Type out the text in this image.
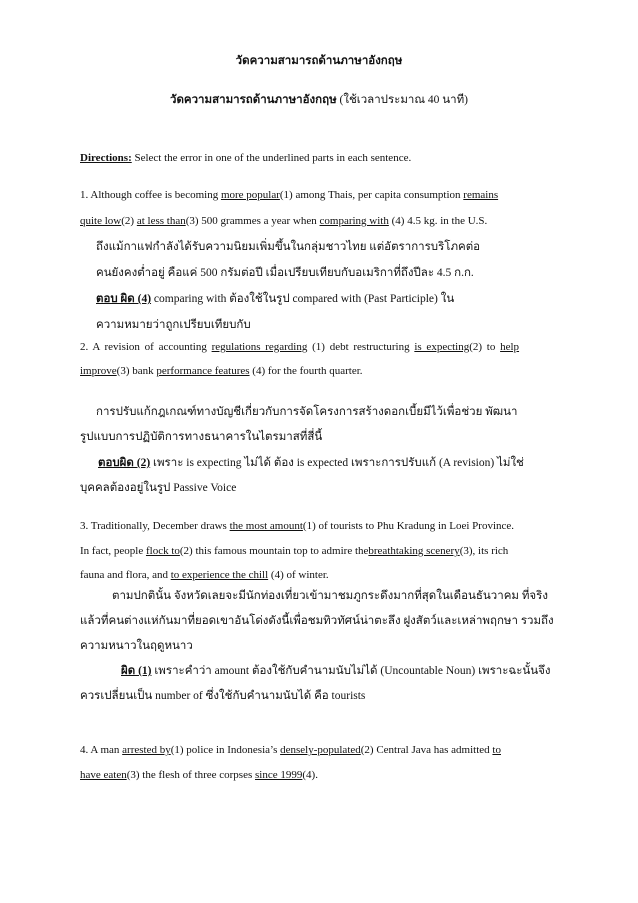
วัดความสามารถด้านภาษาอังกฤษ
วัดความสามารถด้านภาษาอังกฤษ (ใช้เวลาประมาณ 40 นาที)
Directions: Select the error in one of the underlined parts in each sentence.
1. Although coffee is becoming more popular(1) among Thais, per capita consumption remains
quite low(2) at less than(3) 500 grammes a year when comparing with (4) 4.5 kg. in the U.S.
ถึงแม้กาแฟกำลังได้รับความนิยมเพิ่มขึ้นในกลุ่มชาวไทย แต่อัตราการบริโภคต่อ
คนยังคงต่ำอยู่ คือแค่ 500 กรัมต่อปี เมื่อเปรียบเทียบกับอเมริกาที่ถึงปีละ 4.5 ก.ก.
ตอบ ผิด (4) comparing with ต้องใช้ในรูป compared with (Past Participle) ใน
ความหมายว่าถูกเปรียบเทียบกับ
2. A revision of accounting regulations regarding (1) debt restructuring is expecting(2) to help
improve(3) bank performance features (4) for the fourth quarter.
การปรับแก้กฎเกณฑ์ทางบัญชีเกี่ยวกับการจัดโครงการสร้างดอกเบี้ยมีไว้เพื่อช่วย พัฒนา
รูปแบบการปฏิบัติการทางธนาคารในไตรมาสที่สี่นี้
ตอบผิด (2) เพราะ is expecting ไม่ได้ ต้อง is expected เพราะการปรับแก้ (A revision) ไม่ใช่
บุคคลต้องอยู่ในรูป Passive Voice
3. Traditionally, December draws the most amount(1) of tourists to Phu Kradung in Loei Province.
In fact, people flock to(2) this famous mountain top to admire thebreathtaking scenery(3), its rich
fauna and flora, and to experience the chill (4) of winter.
ตามปกตินั้น จังหวัดเลยจะมีนักท่องเที่ยวเข้ามาชมภูกระดึงมากที่สุดในเดือนธันวาคม ที่จริง
แล้วที่คนต่างแห่กันมาที่ยอดเขาอันโด่งดังนี้เพื่อชมทิวทัศน์น่าตะลึง ฝูงสัตว์และเหล่าพฤกษา รวมถึง
ความหนาวในฤดูหนาว
ผิด (1) เพราะคำว่า amount ต้องใช้กับคำนามนับไม่ได้ (Uncountable Noun) เพราะฉะนั้นจึง
ควรเปลี่ยนเป็น number of ซึ่งใช้กับคำนามนับได้ คือ tourists
4. A man arrested by(1) police in Indonesia’s densely-populated(2) Central Java has admitted to
have eaten(3) the flesh of three corpses since 1999(4).
